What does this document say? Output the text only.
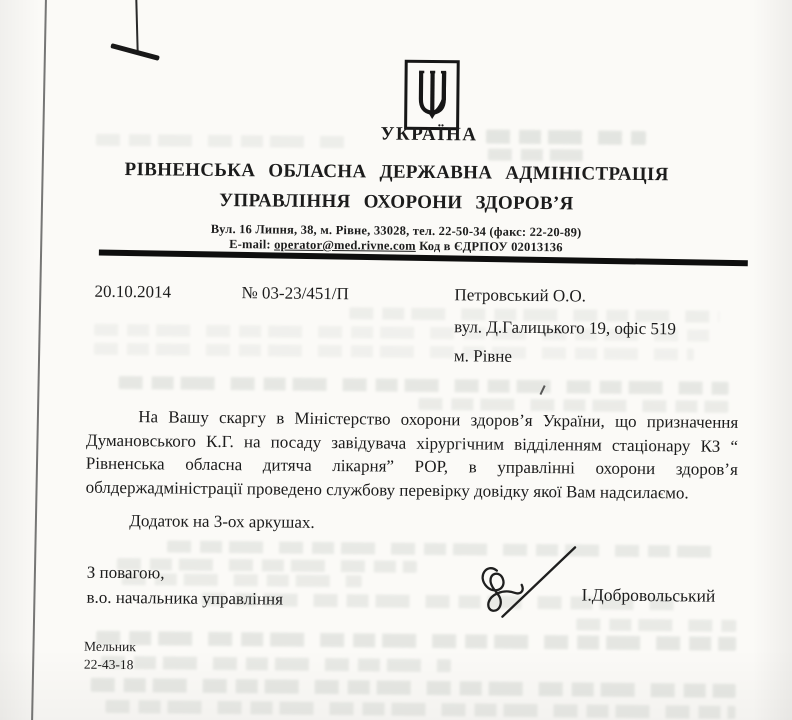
УКРАЇНА
РІВНЕНСЬКА ОБЛАСНА ДЕРЖАВНА АДМІНІСТРАЦІЯ
УПРАВЛІННЯ ОХОРОНИ ЗДОРОВ’Я
Вул. 16 Липня, 38, м. Рівне, 33028, тел. 22-50-34 (факс: 22-20-89)
E-mail: operator@med.rivne.com Код в ЄДРПОУ 02013136
20.10.2014	№ 03-23/451/П	Петровський О.О.
вул. Д.Галицького 19, офіс 519
м. Рівне
На Вашу скаргу в Міністерство охорони здоров’я України, що призначення
Думановського К.Г. на посаду завідувача хірургічним відділенням стаціонару КЗ “
Рівненська обласна дитяча лікарня” РОР, в управлінні охорони здоров’я
облдержадміністрації проведено службову перевірку довідку якої Вам надсилаємо.
Додаток на 3-ох аркушах.
З повагою,
в.о. начальника управління	І.Добровольський
Мельник
22-43-18
